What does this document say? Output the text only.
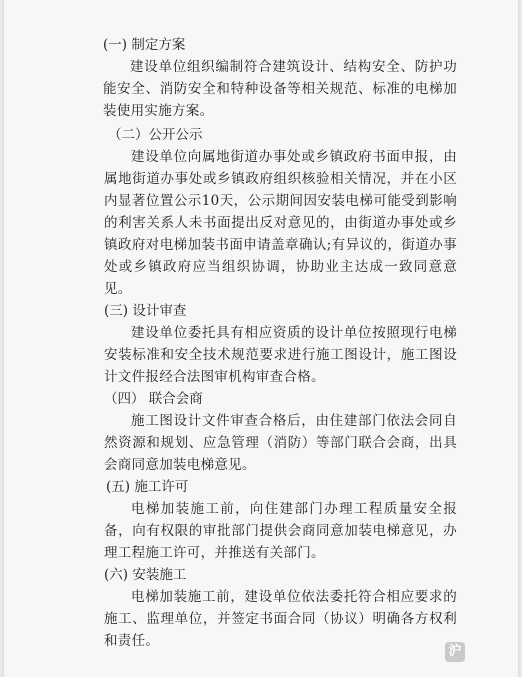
(一) 制定方案

建设单位组织编制符合建筑设计、结构安全、防护功能安全、消防安全和特种设备等相关规范、标准的电梯加装使用实施方案。

（二）公开公示

建设单位向属地街道办事处或乡镇政府书面申报，由属地街道办事处或乡镇政府组织核验相关情况，并在小区内显著位置公示10天，公示期间因安装电梯可能受到影响的利害关系人未书面提出反对意见的，由街道办事处或乡镇政府对电梯加装书面申请盖章确认;有异议的，街道办事处或乡镇政府应当组织协调，协助业主达成一致同意意见。

(三) 设计审查

建设单位委托具有相应资质的设计单位按照现行电梯安装标准和安全技术规范要求进行施工图设计，施工图设计文件报经合法图审机构审查合格。

（四） 联合会商

施工图设计文件审查合格后，由住建部门依法会同自然资源和规划、应急管理（消防）等部门联合会商，出具会商同意加装电梯意见。

(五) 施工许可

电梯加装施工前，向住建部门办理工程质量安全报备，向有权限的审批部门提供会商同意加装电梯意见，办理工程施工许可，并推送有关部门。

(六) 安装施工

电梯加装施工前，建设单位依法委托符合相应要求的施工、监理单位，并签定书面合同（协议）明确各方权利和责任。

沪
